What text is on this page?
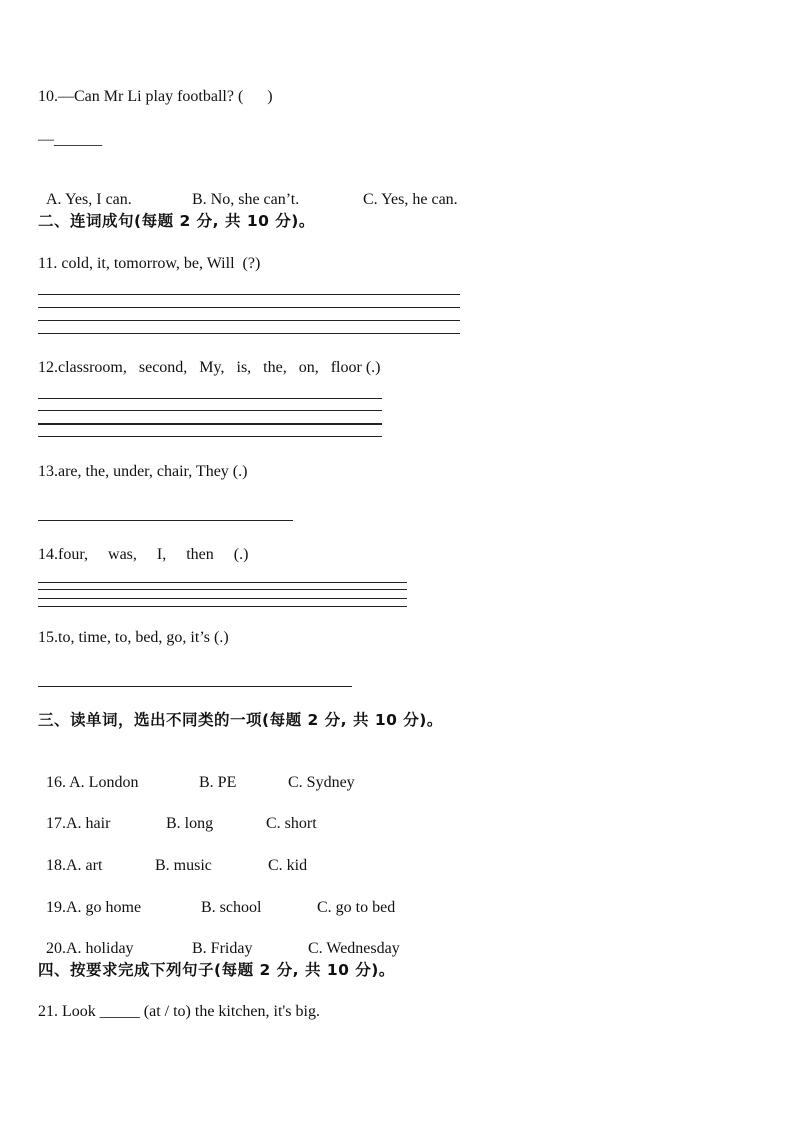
10.—Can Mr Li play football? (      )
—______

A. Yes, I can.	B. No, she can’t.	C. Yes, he can.

二、连词成句(每题 2 分, 共 10 分)。
11. cold, it, tomorrow, be, Will  (?)
12.classroom,   second,   My,   is,   the,   on,   floor (.)
13.are, the, under, chair, They (.)
14.four,     was,     I,     then     (.)
15.to, time, to, bed, go, it’s (.)
三、读单词，选出不同类的一项(每题 2 分, 共 10 分)。

16. A. London	B. PE	C. Sydney

17.A. hair	B. long	C. short

18.A. art	B. music	C. kid

19.A. go home	B. school	C. go to bed

20.A. holiday	B. Friday	C. Wednesday

四、按要求完成下列句子(每题 2 分, 共 10 分)。
21. Look _____ (at / to) the kitchen, it's big.
